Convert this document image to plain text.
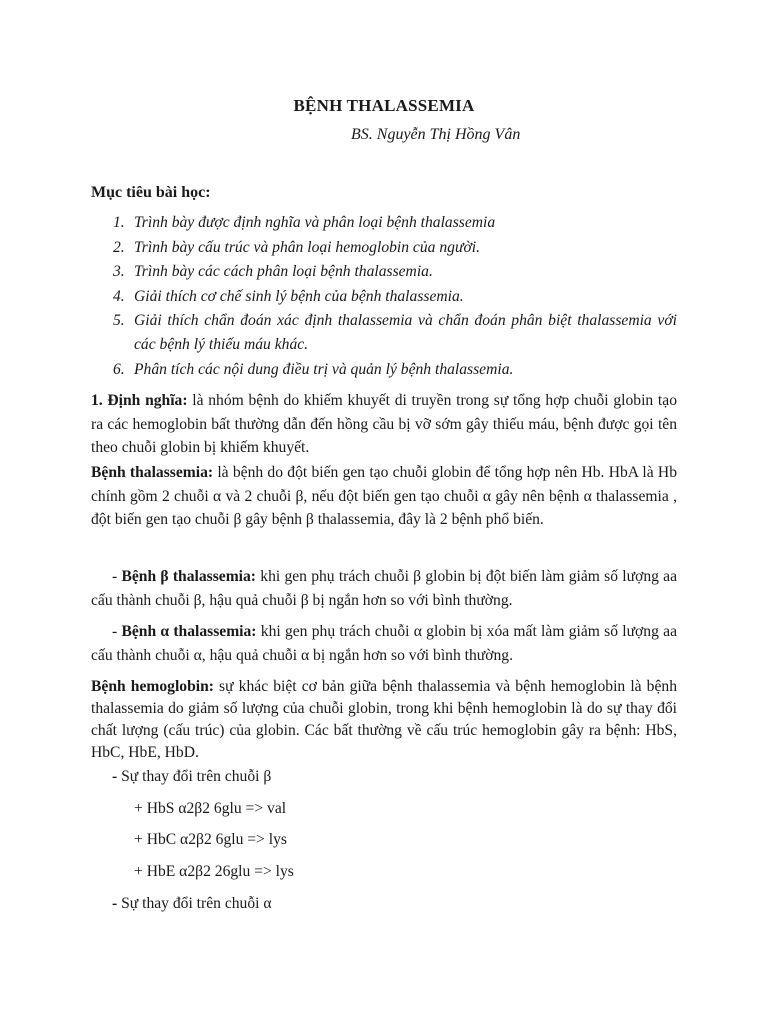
BỆNH THALASSEMIA
BS. Nguyễn Thị Hồng Vân
Mục tiêu bài học:
1. Trình bày được định nghĩa và phân loại bệnh thalassemia
2. Trình bày cấu trúc và phân loại hemoglobin của người.
3. Trình bày các cách phân loại bệnh thalassemia.
4. Giải thích cơ chế sinh lý bệnh của bệnh thalassemia.
5. Giải thích chẩn đoán xác định thalassemia và chẩn đoán phân biệt thalassemia với các bệnh lý thiếu máu khác.
6. Phân tích các nội dung điều trị và quản lý bệnh thalassemia.
1. Định nghĩa: là nhóm bệnh do khiếm khuyết di truyền trong sự tổng hợp chuỗi globin tạo ra các hemoglobin bất thường dẫn đến hồng cầu bị vỡ sớm gây thiếu máu, bệnh được gọi tên theo chuỗi globin bị khiếm khuyết.
Bệnh thalassemia: là bệnh do đột biến gen tạo chuỗi globin để tổng hợp nên Hb. HbA là Hb chính gồm 2 chuỗi α và 2 chuỗi β, nếu đột biến gen tạo chuỗi α gây nên bệnh α thalassemia , đột biến gen tạo chuỗi β gây bệnh β thalassemia, đây là 2 bệnh phổ biến.
- Bệnh β thalassemia: khi gen phụ trách chuỗi β globin bị đột biến làm giảm số lượng aa cấu thành chuỗi β, hậu quả chuỗi β bị ngắn hơn so với bình thường.
- Bệnh α thalassemia: khi gen phụ trách chuỗi α globin bị xóa mất làm giảm số lượng aa cấu thành chuỗi α, hậu quả chuỗi α bị ngắn hơn so với bình thường.
Bệnh hemoglobin: sự khác biệt cơ bản giữa bệnh thalassemia và bệnh hemoglobin là bệnh thalassemia do giảm số lượng của chuỗi globin, trong khi bệnh hemoglobin là do sự thay đổi chất lượng (cấu trúc) của globin. Các bất thường về cấu trúc hemoglobin gây ra bệnh: HbS, HbC, HbE, HbD.
- Sự thay đổi trên chuỗi β
+ HbS α2β2 6glu => val
+ HbC α2β2 6glu => lys
+ HbE α2β2 26glu => lys
- Sự thay đổi trên chuỗi α
